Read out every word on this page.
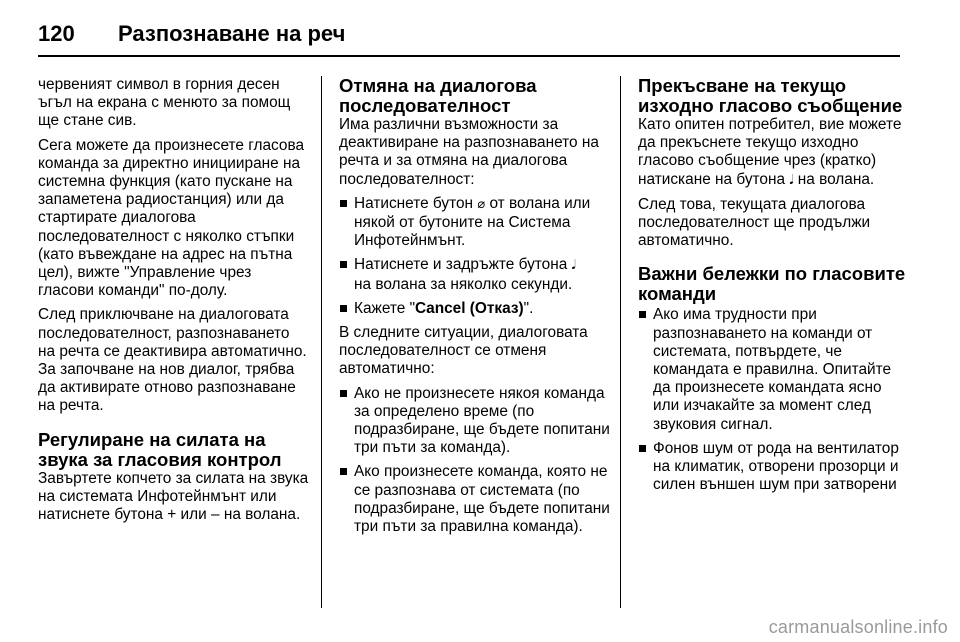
120	Разпознаване на реч

червеният символ в горния десен ъгъл на екрана с менюто за помощ ще стане сив.

Сега можете да произнесете гласова команда за директно иницииране на системна функция (като пускане на запаметена радиостанция) или да стартирате диалогова последователност с няколко стъпки (като въвеждане на адрес на пътна цел), вижте "Управление чрез гласови команди" по-долу.

След приключване на диалоговата последователност, разпознаването на речта се деактивира автоматично. За започване на нов диалог, трябва да активирате отново разпознаване на речта.

Регулиране на силата на звука за гласовия контрол

Завъртете копчето за силата на звука на системата Инфотейнмънт или натиснете бутона + или – на волана.

Отмяна на диалогова последователност

Има различни възможности за деактивиране на разпознаването на речта и за отмяна на диалогова последователност:

Натиснете бутон ⌀ от волана или някой от бутоните на Система Инфотейнмънт.
Натиснете и задръжте бутона 𝅘𝅥
на волана за няколко секунди.
Кажете "Cancel (Отказ)".

В следните ситуации, диалоговата последователност се отменя автоматично:

Ако не произнесете някоя команда за определено време (по подразбиране, ще бъдете попитани три пъти за команда).
Ако произнесете команда, която не се разпознава от системата (по подразбиране, ще бъдете попитани три пъти за правилна команда).
Прекъсване на текущо изходно гласово съобщение

Като опитен потребител, вие можете да прекъснете текущо изходно гласово съобщение чрез (кратко) натискане на бутона 𝅘𝅥 на волана.

След това, текущата диалогова последователност ще продължи автоматично.

Важни бележки по гласовите команди
Ако има трудности при разпознаването на команди от системата, потвърдете, че командата е правилна. Опитайте да произнесете командата ясно или изчакайте за момент след звуковия сигнал.
Фонов шум от рода на вентилатор на климатик, отворени прозорци и силен външен шум при затворени
carmanualsonline.info
